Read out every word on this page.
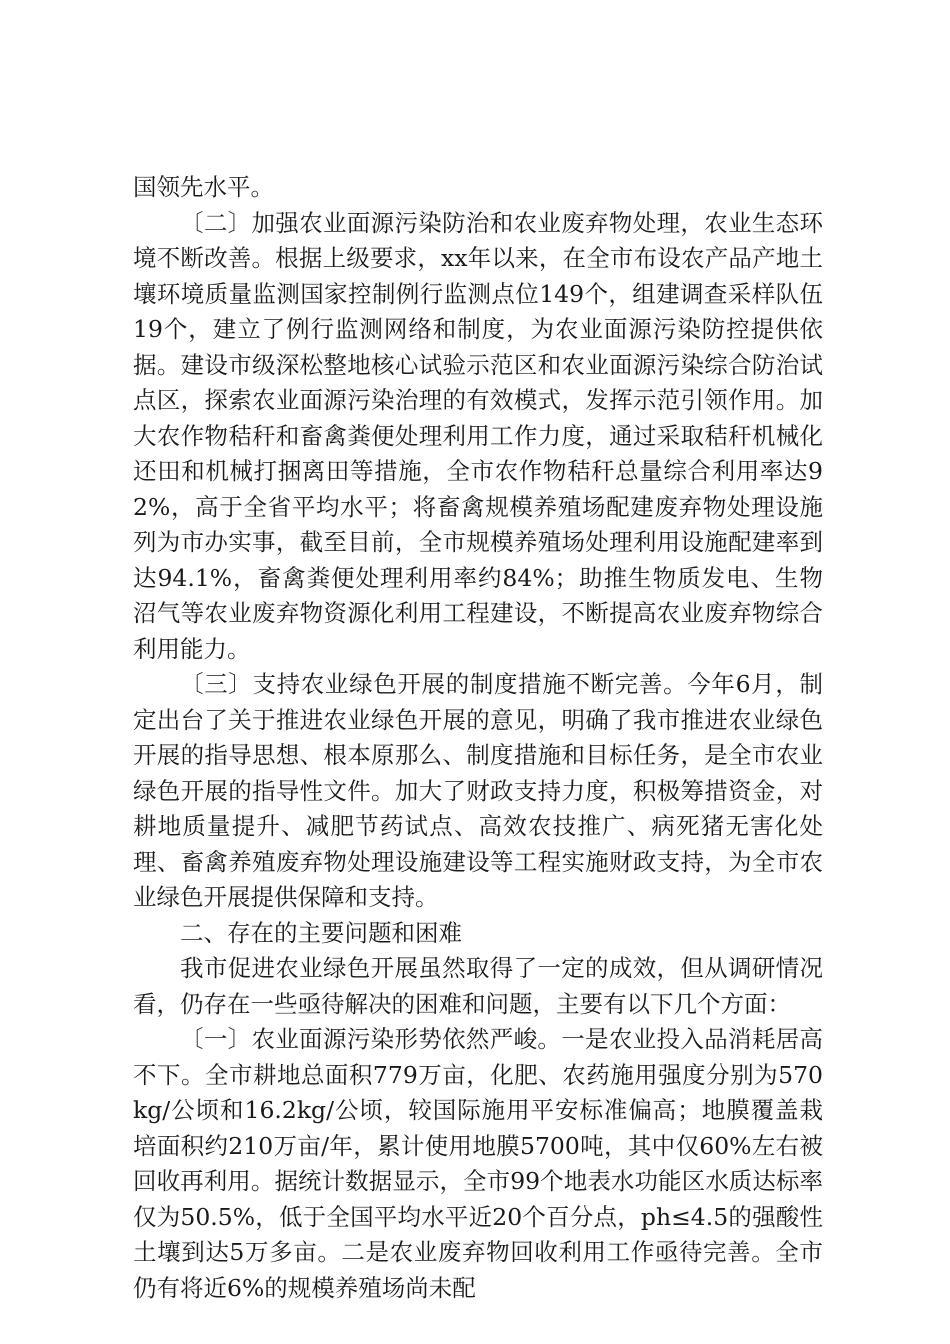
国领先水平。

〔二〕加强农业面源污染防治和农业废弃物处理，农业生态环境不断改善。根据上级要求，xx年以来，在全市布设农产品产地土壤环境质量监测国家控制例行监测点位149个，组建调查采样队伍19个，建立了例行监测网络和制度，为农业面源污染防控提供依据。建设市级深松整地核心试验示范区和农业面源污染综合防治试点区，探索农业面源污染治理的有效模式，发挥示范引领作用。加大农作物秸秆和畜禽粪便处理利用工作力度，通过采取秸秆机械化还田和机械打捆离田等措施，全市农作物秸秆总量综合利用率达92%，高于全省平均水平；将畜禽规模养殖场配建废弃物处理设施列为市办实事，截至目前，全市规模养殖场处理利用设施配建率到达94.1%，畜禽粪便处理利用率约84%；助推生物质发电、生物沼气等农业废弃物资源化利用工程建设，不断提高农业废弃物综合利用能力。

〔三〕支持农业绿色开展的制度措施不断完善。今年6月，制定出台了关于推进农业绿色开展的意见，明确了我市推进农业绿色开展的指导思想、根本原那么、制度措施和目标任务，是全市农业绿色开展的指导性文件。加大了财政支持力度，积极筹措资金，对耕地质量提升、减肥节药试点、高效农技推广、病死猪无害化处理、畜禽养殖废弃物处理设施建设等工程实施财政支持，为全市农业绿色开展提供保障和支持。

二、存在的主要问题和困难

我市促进农业绿色开展虽然取得了一定的成效，但从调研情况看，仍存在一些亟待解决的困难和问题，主要有以下几个方面：

〔一〕农业面源污染形势依然严峻。一是农业投入品消耗居高不下。全市耕地总面积779万亩，化肥、农药施用强度分别为570kg/公顷和16.2kg/公顷，较国际施用平安标准偏高；地膜覆盖栽培面积约210万亩/年，累计使用地膜5700吨，其中仅60%左右被回收再利用。据统计数据显示，全市99个地表水功能区水质达标率仅为50.5%，低于全国平均水平近20个百分点，ph≤4.5的强酸性土壤到达5万多亩。二是农业废弃物回收利用工作亟待完善。全市仍有将近6%的规模养殖场尚未配
